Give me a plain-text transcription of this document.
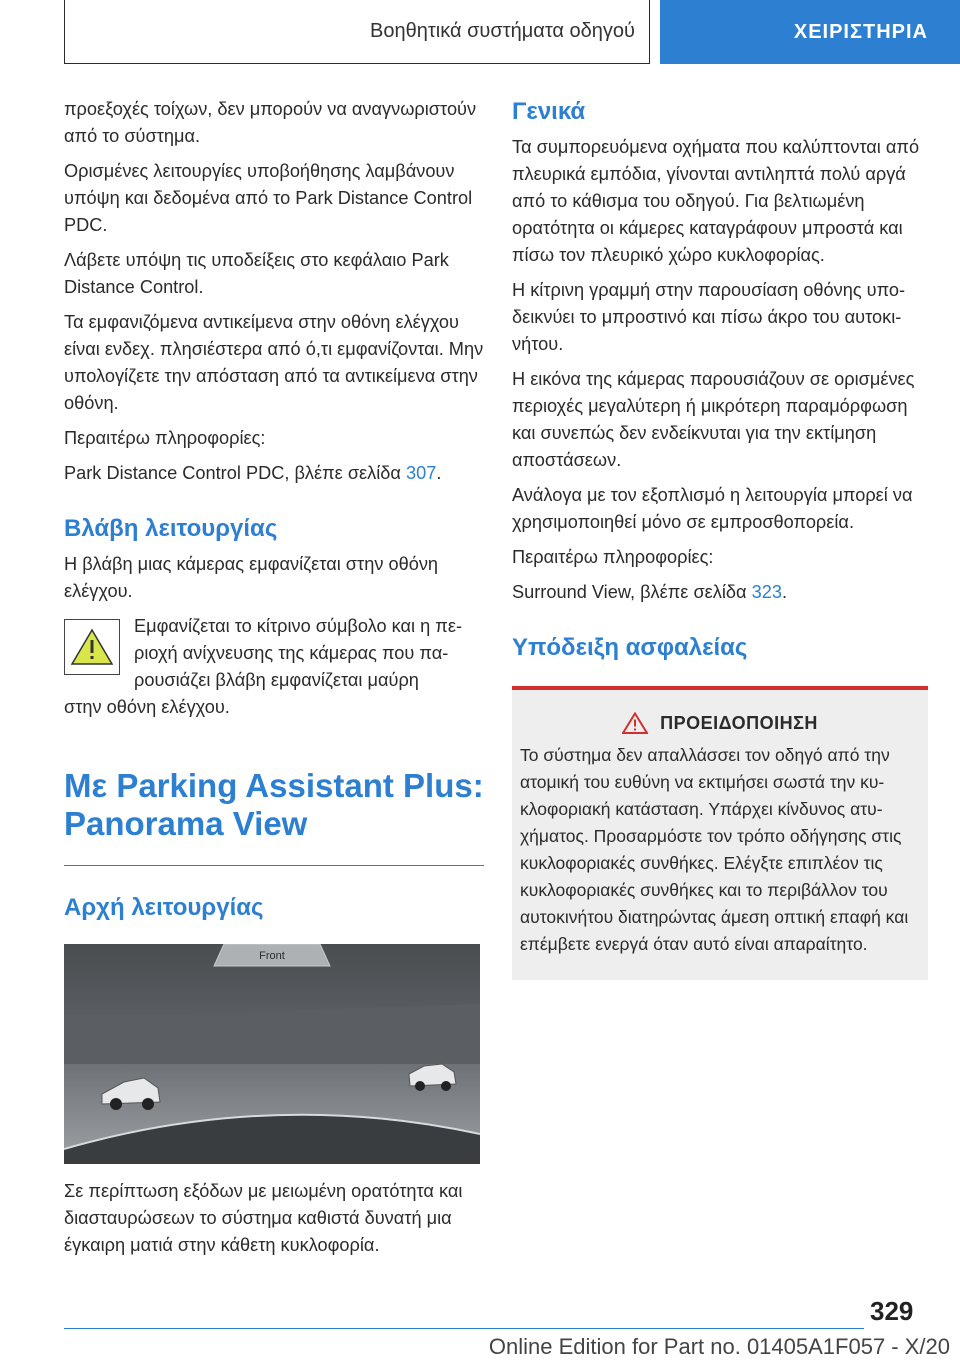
Βοηθητικά συστήματα οδηγού	ΧΕΙΡΙΣΤΗΡΙΑ

προεξοχές τοίχων, δεν μπορούν να αναγνωριστούν από το σύστημα.

Ορισμένες λειτουργίες υποβοήθησης λαμβάνουν υπόψη και δεδομένα από το Park Distance Control PDC.

Λάβετε υπόψη τις υποδείξεις στο κεφάλαιο Park Distance Control.

Τα εμφανιζόμενα αντικείμενα στην οθόνη ελέγχου είναι ενδεχ. πλησιέστερα από ό,τι εμφανίζονται. Μην υπολογίζετε την απόσταση από τα αντικείμενα στην οθόνη.

Περαιτέρω πληροφορίες:

Park Distance Control PDC, βλέπε σελίδα 307.

Βλάβη λειτουργίας

Η βλάβη μιας κάμερας εμφανίζεται στην οθόνη ελέγχου.

Εμφανίζεται το κίτρινο σύμβολο και η περιοχή ανίχνευσης της κάμερας που παρουσιάζει βλάβη εμφανίζεται μαύρη

στην οθόνη ελέγχου.

Με Parking Assistant Plus: Panorama View
Αρχή λειτουργίας
Front

Σε περίπτωση εξόδων με μειωμένη ορατότητα και διασταυρώσεων το σύστημα καθιστά δυνατή μια έγκαιρη ματιά στην κάθετη κυκλοφορία.

Γενικά

Τα συμπορευόμενα οχήματα που καλύπτονται από πλευρικά εμπόδια, γίνονται αντιληπτά πολύ αργά από το κάθισμα του οδηγού. Για βελτιωμένη ορατότητα οι κάμερες καταγράφουν μπροστά και πίσω τον πλευρικό χώρο κυκλοφορίας.

Η κίτρινη γραμμή στην παρουσίαση οθόνης υποδεικνύει το μπροστινό και πίσω άκρο του αυτοκινήτου.

Η εικόνα της κάμερας παρουσιάζουν σε ορισμένες περιοχές μεγαλύτερη ή μικρότερη παραμόρφωση και συνεπώς δεν ενδείκνυται για την εκτίμηση αποστάσεων.

Ανάλογα με τον εξοπλισμό η λειτουργία μπορεί να χρησιμοποιηθεί μόνο σε εμπροσθοπορεία.

Περαιτέρω πληροφορίες:

Surround View, βλέπε σελίδα 323.

Υπόδειξη ασφαλείας
ΠΡΟΕΙΔΟΠΟΙΗΣΗ

Το σύστημα δεν απαλλάσσει τον οδηγό από την ατομική του ευθύνη να εκτιμήσει σωστά την κυκλοφοριακή κατάσταση. Υπάρχει κίνδυνος ατυχήματος. Προσαρμόστε τον τρόπο οδήγησης στις κυκλοφοριακές συνθήκες. Ελέγξτε επιπλέον τις κυκλοφοριακές συνθήκες και το περιβάλλον του αυτοκινήτου διατηρώντας άμεση οπτική επαφή και επέμβετε ενεργά όταν αυτό είναι απαραίτητο.

329
Online Edition for Part no. 01405A1F057 - X/20
